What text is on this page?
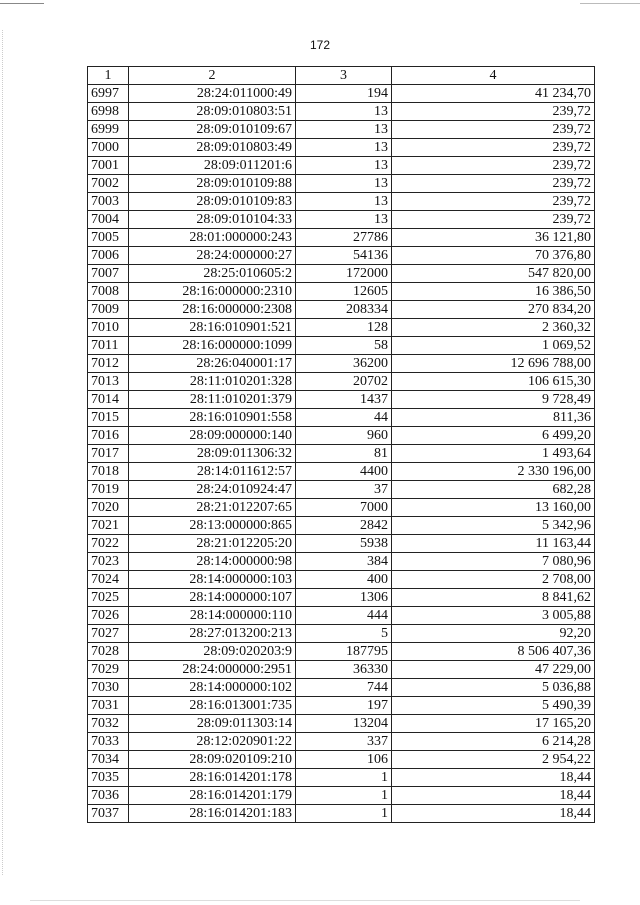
172
1	2	3	4
6997	28:24:011000:49	194	41 234,70
6998	28:09:010803:51	13	239,72
6999	28:09:010109:67	13	239,72
7000	28:09:010803:49	13	239,72
7001	28:09:011201:6	13	239,72
7002	28:09:010109:88	13	239,72
7003	28:09:010109:83	13	239,72
7004	28:09:010104:33	13	239,72
7005	28:01:000000:243	27786	36 121,80
7006	28:24:000000:27	54136	70 376,80
7007	28:25:010605:2	172000	547 820,00
7008	28:16:000000:2310	12605	16 386,50
7009	28:16:000000:2308	208334	270 834,20
7010	28:16:010901:521	128	2 360,32
7011	28:16:000000:1099	58	1 069,52
7012	28:26:040001:17	36200	12 696 788,00
7013	28:11:010201:328	20702	106 615,30
7014	28:11:010201:379	1437	9 728,49
7015	28:16:010901:558	44	811,36
7016	28:09:000000:140	960	6 499,20
7017	28:09:011306:32	81	1 493,64
7018	28:14:011612:57	4400	2 330 196,00
7019	28:24:010924:47	37	682,28
7020	28:21:012207:65	7000	13 160,00
7021	28:13:000000:865	2842	5 342,96
7022	28:21:012205:20	5938	11 163,44
7023	28:14:000000:98	384	7 080,96
7024	28:14:000000:103	400	2 708,00
7025	28:14:000000:107	1306	8 841,62
7026	28:14:000000:110	444	3 005,88
7027	28:27:013200:213	5	92,20
7028	28:09:020203:9	187795	8 506 407,36
7029	28:24:000000:2951	36330	47 229,00
7030	28:14:000000:102	744	5 036,88
7031	28:16:013001:735	197	5 490,39
7032	28:09:011303:14	13204	17 165,20
7033	28:12:020901:22	337	6 214,28
7034	28:09:020109:210	106	2 954,22
7035	28:16:014201:178	1	18,44
7036	28:16:014201:179	1	18,44
7037	28:16:014201:183	1	18,44
